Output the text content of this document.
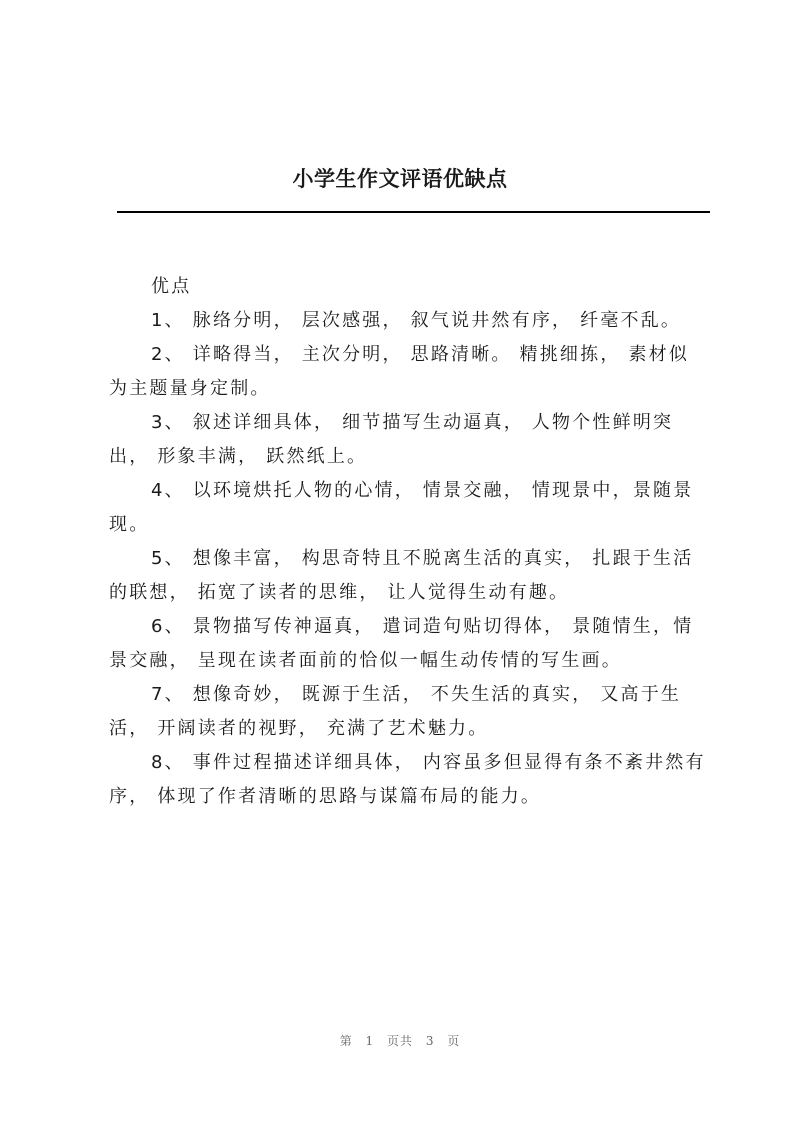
小学生作文评语优缺点

优点

1、 脉络分明， 层次感强， 叙气说井然有序， 纤毫不乱。

2、 详略得当， 主次分明， 思路清晰。 精挑细拣， 素材似为主题量身定制。

3、 叙述详细具体， 细节描写生动逼真， 人物个性鲜明突出， 形象丰满， 跃然纸上。

4、 以环境烘托人物的心情， 情景交融， 情现景中，景随景现。

5、 想像丰富， 构思奇特且不脱离生活的真实， 扎跟于生活的联想， 拓宽了读者的思维， 让人觉得生动有趣。

6、 景物描写传神逼真， 遣词造句贴切得体， 景随情生，情景交融， 呈现在读者面前的恰似一幅生动传情的写生画。

7、 想像奇妙， 既源于生活， 不失生活的真实， 又高于生活， 开阔读者的视野， 充满了艺术魅力。

8、 事件过程描述详细具体， 内容虽多但显得有条不紊井然有序， 体现了作者清晰的思路与谋篇布局的能力。

第 1 页共 3 页
